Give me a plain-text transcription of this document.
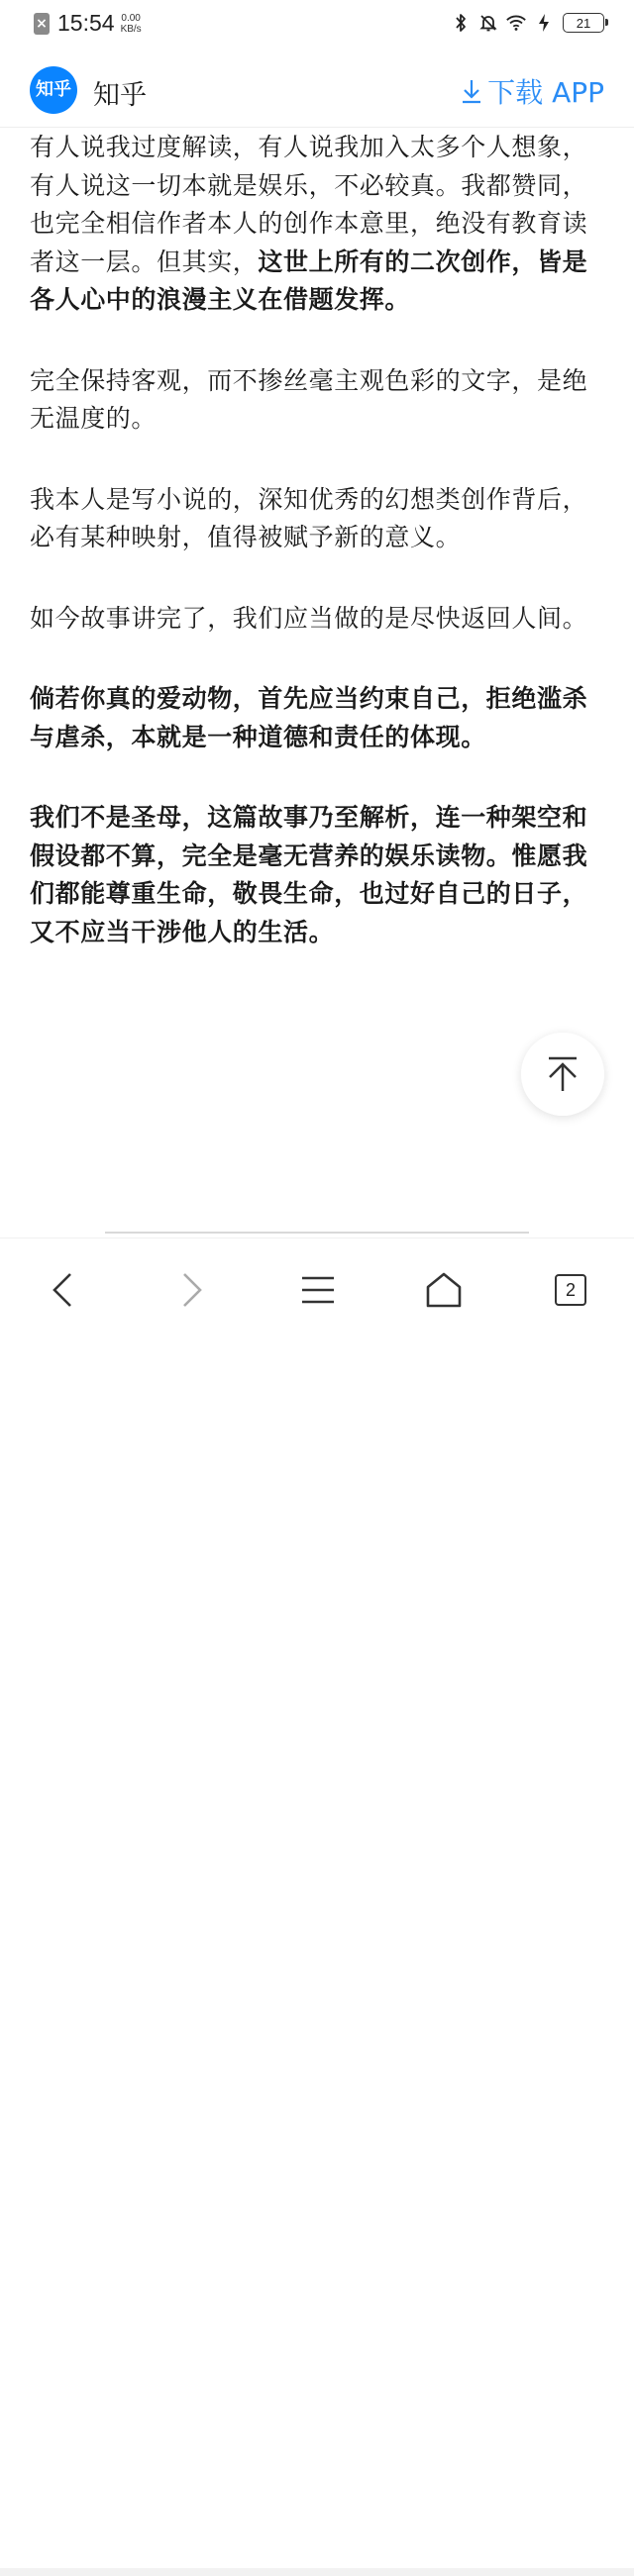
× 15:54 0.00
KB/s	21
知乎 知乎	下载 APP

有人说我过度解读，有人说我加入太多个人想象，有人说这一切本就是娱乐，不必较真。我都赞同，也完全相信作者本人的创作本意里，绝没有教育读者这一层。但其实，这世上所有的二次创作，皆是各人心中的浪漫主义在借题发挥。

完全保持客观，而不掺丝毫主观色彩的文字，是绝无温度的。

我本人是写小说的，深知优秀的幻想类创作背后，必有某种映射，值得被赋予新的意义。

如今故事讲完了，我们应当做的是尽快返回人间。

倘若你真的爱动物，首先应当约束自己，拒绝滥杀与虐杀，本就是一种道德和责任的体现。

我们不是圣母，这篇故事乃至解析，连一种架空和假设都不算，完全是毫无营养的娱乐读物。惟愿我们都能尊重生命，敬畏生命，也过好自己的日子，又不应当干涉他人的生活。

2
